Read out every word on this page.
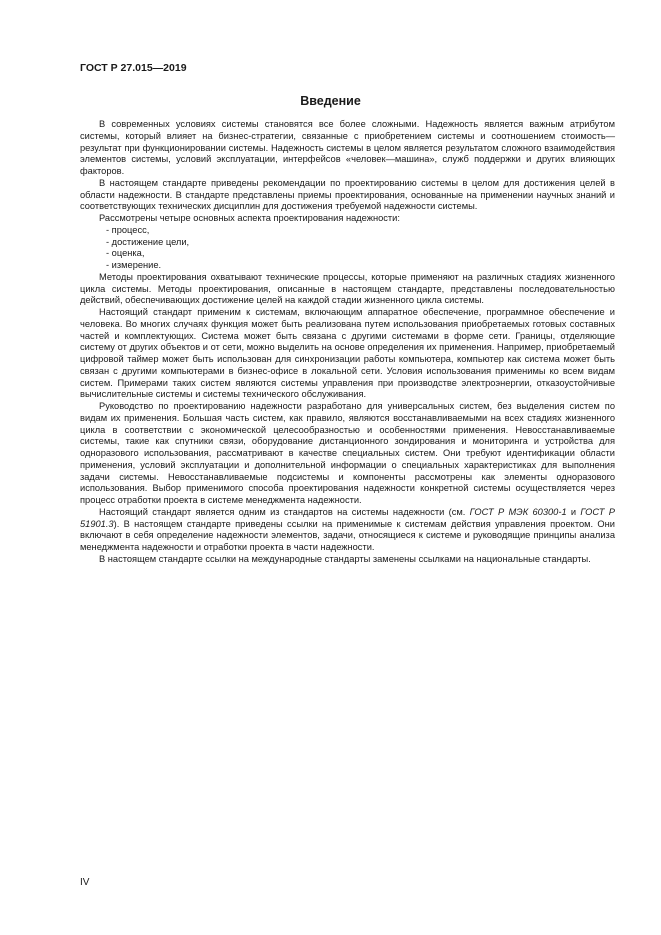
ГОСТ Р 27.015—2019
Введение

В современных условиях системы становятся все более сложными. Надежность является важным атрибутом системы, который влияет на бизнес-стратегии, связанные с приобретением системы и соотношением стоимость—результат при функционировании системы. Надежность системы в целом является результатом сложного взаимодействия элементов системы, условий эксплуатации, интерфейсов «человек—машина», служб поддержки и других влияющих факторов.

В настоящем стандарте приведены рекомендации по проектированию системы в целом для достижения целей в области надежности. В стандарте представлены приемы проектирования, основанные на применении научных знаний и соответствующих технических дисциплин для достижения требуемой надежности системы.

Рассмотрены четыре основных аспекта проектирования надежности:

- процесс,
- достижение цели,
- оценка,
- измерение.

Методы проектирования охватывают технические процессы, которые применяют на различных стадиях жизненного цикла системы. Методы проектирования, описанные в настоящем стандарте, представлены последовательностью действий, обеспечивающих достижение целей на каждой стадии жизненного цикла системы.

Настоящий стандарт применим к системам, включающим аппаратное обеспечение, программное обеспечение и человека. Во многих случаях функция может быть реализована путем использования приобретаемых готовых составных частей и комплектующих. Система может быть связана с другими системами в форме сети. Границы, отделяющие систему от других объектов и от сети, можно выделить на основе определения их применения. Например, приобретаемый цифровой таймер может быть использован для синхронизации работы компьютера, компьютер как система может быть связан с другими компьютерами в бизнес-офисе в локальной сети. Условия использования применимы ко всем видам систем. Примерами таких систем являются системы управления при производстве электроэнергии, отказоустойчивые вычислительные системы и системы технического обслуживания.

Руководство по проектированию надежности разработано для универсальных систем, без выделения систем по видам их применения. Большая часть систем, как правило, являются восстанавливаемыми на всех стадиях жизненного цикла в соответствии с экономической целесообразностью и особенностями применения. Невосстанавливаемые системы, такие как спутники связи, оборудование дистанционного зондирования и мониторинга и устройства для одноразового использования, рассматривают в качестве специальных систем. Они требуют идентификации области применения, условий эксплуатации и дополнительной информации о специальных характеристиках для выполнения задачи системы. Невосстанавливаемые подсистемы и компоненты рассмотрены как элементы одноразового использования. Выбор применимого способа проектирования надежности конкретной системы осуществляется через процесс отработки проекта в системе менеджмента надежности.

Настоящий стандарт является одним из стандартов на системы надежности (см. ГОСТ Р МЭК 60300-1 и ГОСТ Р 51901.3). В настоящем стандарте приведены ссылки на применимые к системам действия управления проектом. Они включают в себя определение надежности элементов, задачи, относящиеся к системе и руководящие принципы анализа менеджмента надежности и отработки проекта в части надежности.

В настоящем стандарте ссылки на международные стандарты заменены ссылками на национальные стандарты.

IV
